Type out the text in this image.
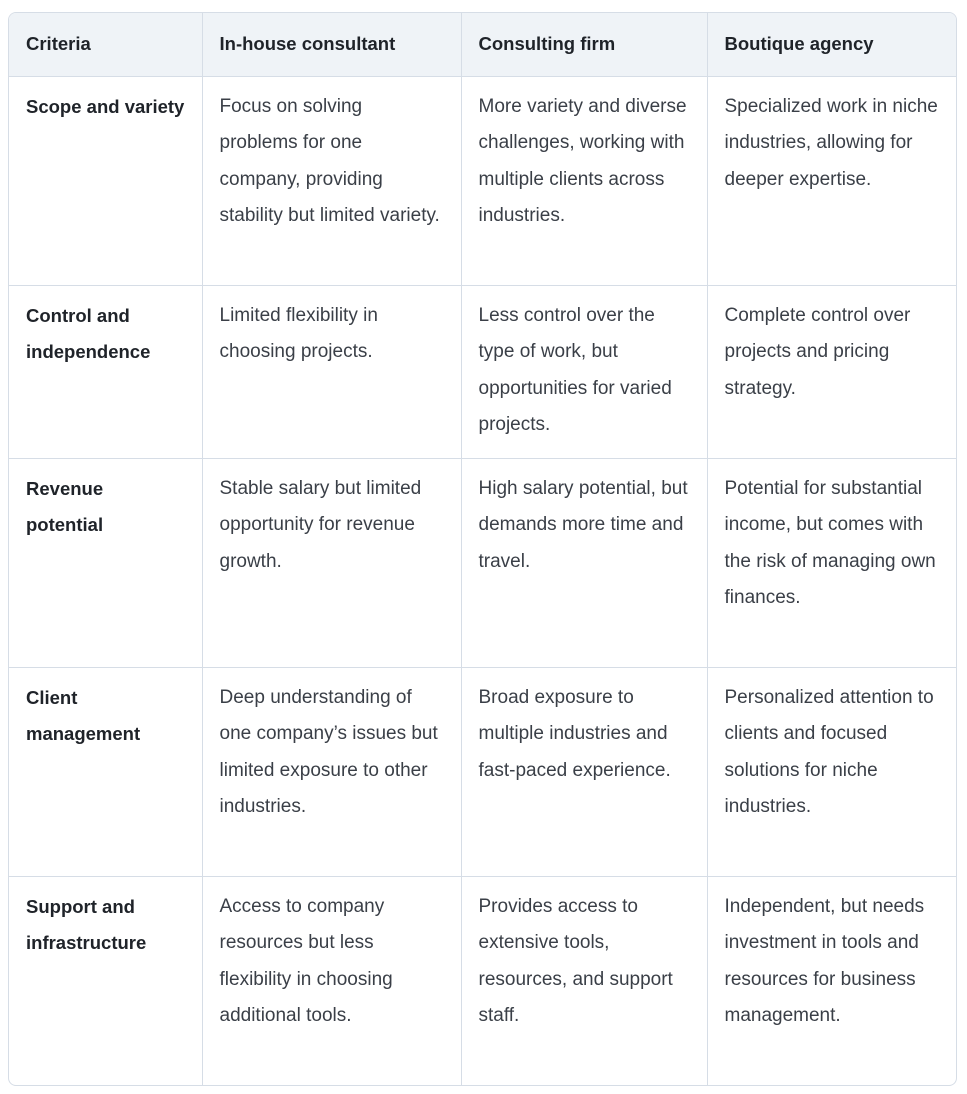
Criteria	In-house consultant	Consulting firm	Boutique agency
Scope and variety	Focus on solving problems for one company, providing stability but limited variety.	More variety and diverse challenges, working with multiple clients across industries.	Specialized work in niche industries, allowing for deeper expertise.
Control and independence	Limited flexibility in choosing projects.	Less control over the type of work, but opportunities for varied projects.	Complete control over projects and pricing strategy.
Revenue potential	Stable salary but limited opportunity for revenue growth.	High salary potential, but demands more time and travel.	Potential for substantial income, but comes with the risk of managing own finances.
Client management	Deep understanding of one company’s issues but limited exposure to other industries.	Broad exposure to multiple industries and fast-paced experience.	Personalized attention to clients and focused solutions for niche industries.
Support and infrastructure	Access to company resources but less flexibility in choosing additional tools.	Provides access to extensive tools, resources, and support staff.	Independent, but needs investment in tools and resources for business management.
